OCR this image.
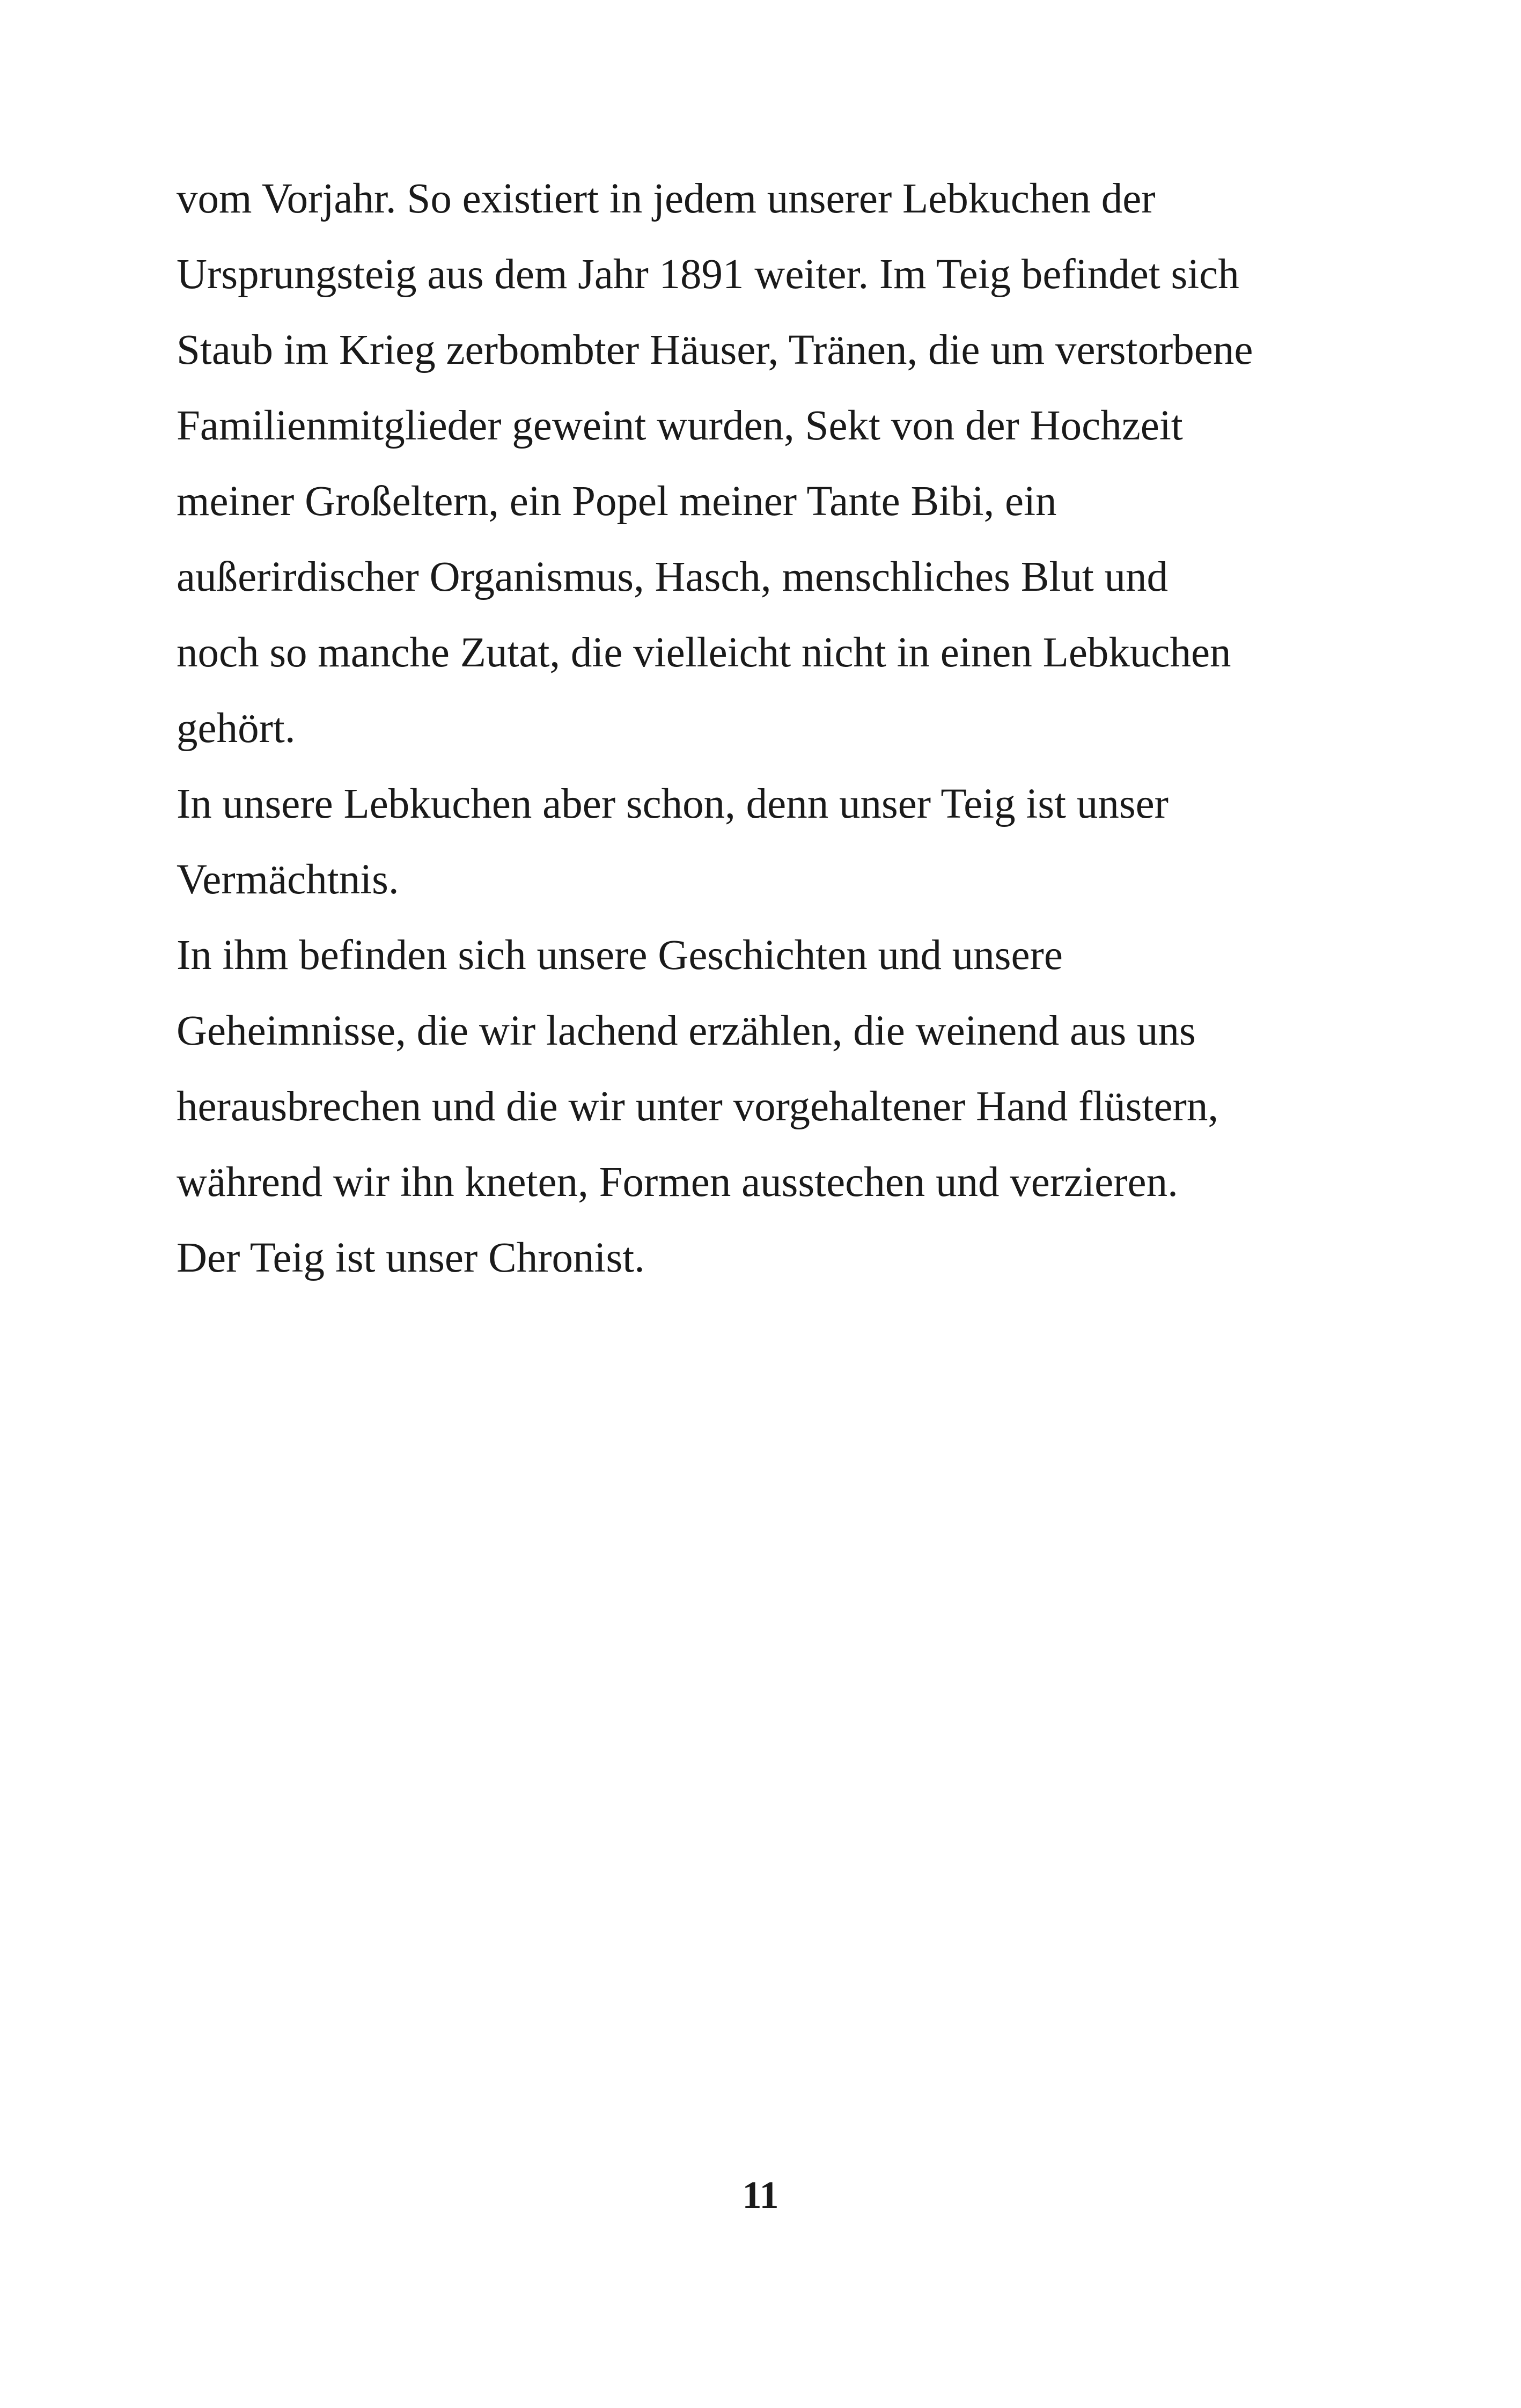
vom Vorjahr. So existiert in jedem unserer Lebkuchen der
Ursprungsteig aus dem Jahr 1891 weiter. Im Teig befindet sich
Staub im Krieg zerbombter Häuser, Tränen, die um verstorbene
Familienmitglieder geweint wurden, Sekt von der Hochzeit
meiner Großeltern, ein Popel meiner Tante Bibi, ein
außerirdischer Organismus, Hasch, menschliches Blut und
noch so manche Zutat, die vielleicht nicht in einen Lebkuchen
gehört.
In unsere Lebkuchen aber schon, denn unser Teig ist unser
Vermächtnis.
In ihm befinden sich unsere Geschichten und unsere
Geheimnisse, die wir lachend erzählen, die weinend aus uns
herausbrechen und die wir unter vorgehaltener Hand flüstern,
während wir ihn kneten, Formen ausstechen und verzieren.
Der Teig ist unser Chronist.
11
